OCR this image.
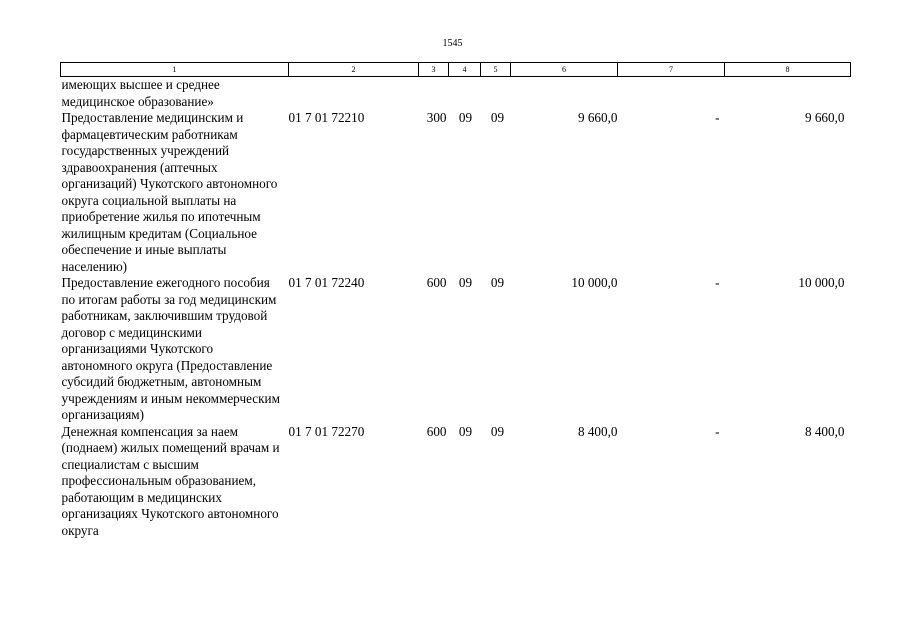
1545
1	2	3	4	5	6	7	8
имеющих высшее и среднее медицинское образование»							
Предоставление медицинским и фармацевтическим работникам государственных учреждений здравоохранения (аптечных организаций) Чукотского автономного округа социальной выплаты на приобретение жилья по ипотечным жилищным кредитам (Социальное обеспечение и иные выплаты населению)	01 7 01 72210	300	09	09	9 660,0	-	9 660,0
Предоставление ежегодного пособия по итогам работы за год медицинским работникам, заключившим трудовой договор с медицинскими организациями Чукотского автономного округа (Предоставление субсидий бюджетным, автономным учреждениям и иным некоммерческим организациям)	01 7 01 72240	600	09	09	10 000,0	-	10 000,0
Денежная компенсация за наем (поднаем) жилых помещений врачам и специалистам с высшим профессиональным образованием, работающим в медицинских организациях Чукотского автономного округа	01 7 01 72270	600	09	09	8 400,0	-	8 400,0
